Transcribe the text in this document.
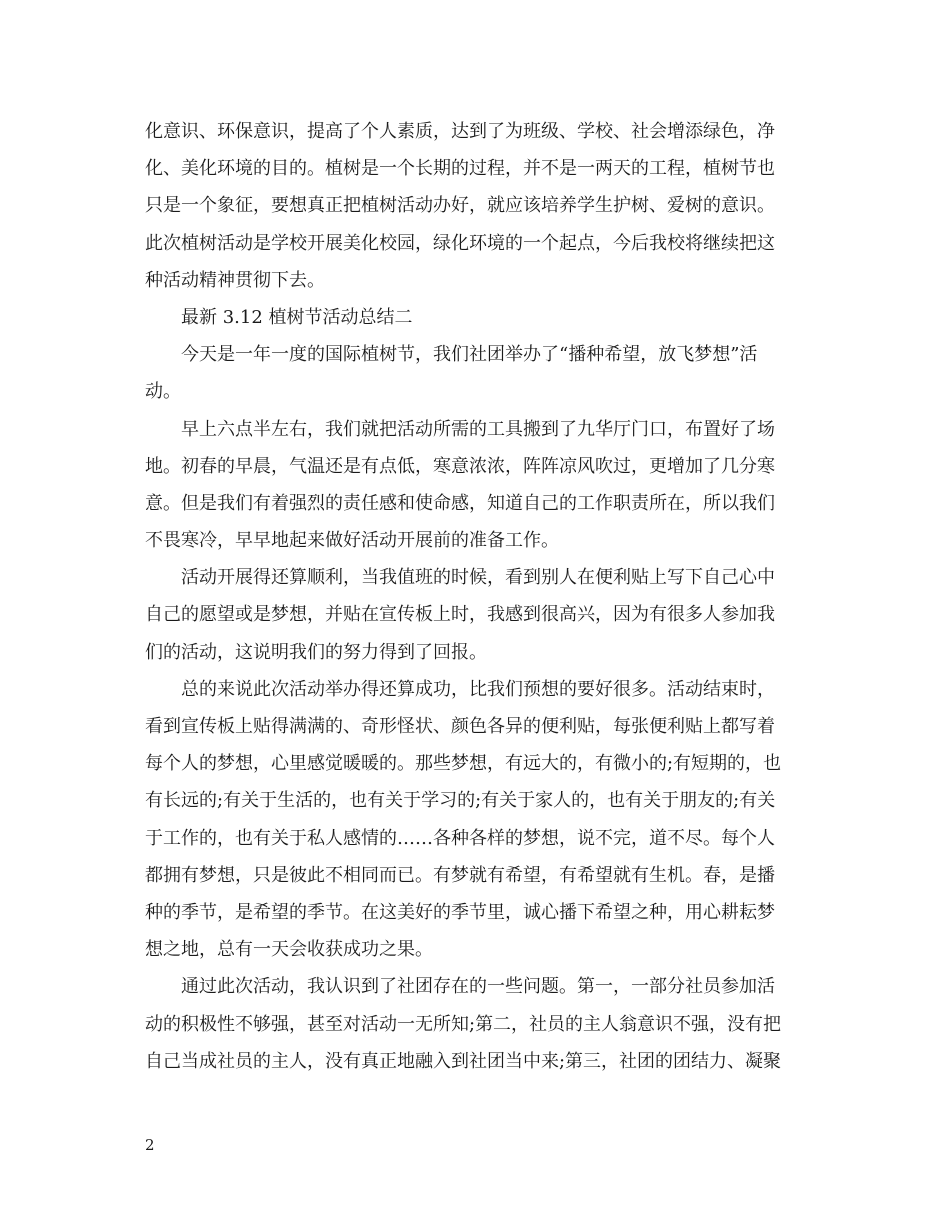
化意识、环保意识，提高了个人素质，达到了为班级、学校、社会增添绿色，净
化、美化环境的目的。植树是一个长期的过程，并不是一两天的工程，植树节也
只是一个象征，要想真正把植树活动办好，就应该培养学生护树、爱树的意识。
此次植树活动是学校开展美化校园，绿化环境的一个起点，今后我校将继续把这
种活动精神贯彻下去。
最新 3.12 植树节活动总结二
今天是一年一度的国际植树节，我们社团举办了“播种希望，放飞梦想”活
动。
早上六点半左右，我们就把活动所需的工具搬到了九华厅门口，布置好了场
地。初春的早晨，气温还是有点低，寒意浓浓，阵阵凉风吹过，更增加了几分寒
意。但是我们有着强烈的责任感和使命感，知道自己的工作职责所在，所以我们
不畏寒冷，早早地起来做好活动开展前的准备工作。
活动开展得还算顺利，当我值班的时候，看到别人在便利贴上写下自己心中
自己的愿望或是梦想，并贴在宣传板上时，我感到很高兴，因为有很多人参加我
们的活动，这说明我们的努力得到了回报。
总的来说此次活动举办得还算成功，比我们预想的要好很多。活动结束时，
看到宣传板上贴得满满的、奇形怪状、颜色各异的便利贴，每张便利贴上都写着
每个人的梦想，心里感觉暖暖的。那些梦想，有远大的，有微小的;有短期的，也
有长远的;有关于生活的，也有关于学习的;有关于家人的，也有关于朋友的;有关
于工作的，也有关于私人感情的……各种各样的梦想，说不完，道不尽。每个人
都拥有梦想，只是彼此不相同而已。有梦就有希望，有希望就有生机。春，是播
种的季节，是希望的季节。在这美好的季节里，诚心播下希望之种，用心耕耘梦
想之地，总有一天会收获成功之果。
通过此次活动，我认识到了社团存在的一些问题。第一，一部分社员参加活
动的积极性不够强，甚至对活动一无所知;第二，社员的主人翁意识不强，没有把
自己当成社员的主人，没有真正地融入到社团当中来;第三，社团的团结力、凝聚
2
